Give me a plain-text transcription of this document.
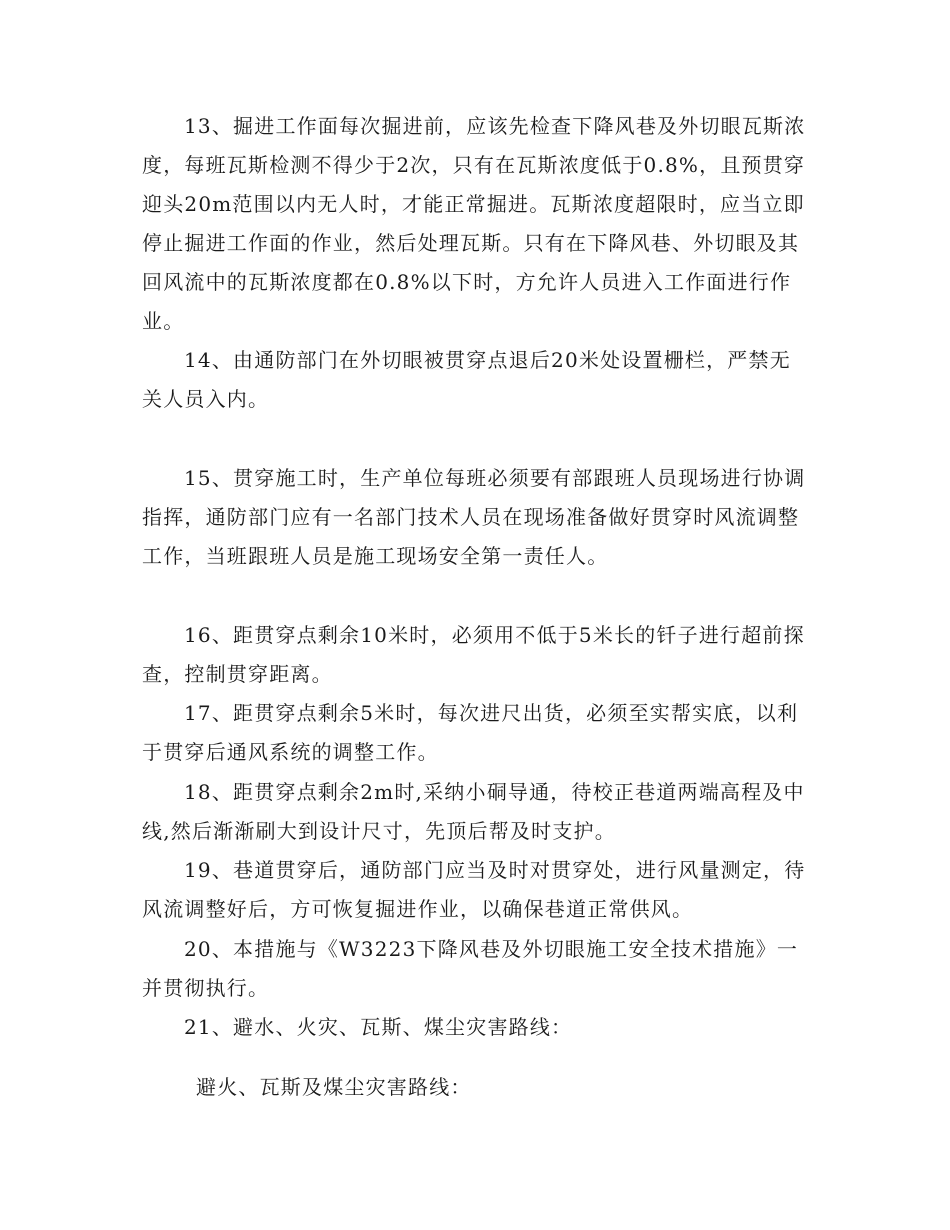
13、掘进工作面每次掘进前，应该先检查下降风巷及外切眼瓦斯浓度，每班瓦斯检测不得少于2次，只有在瓦斯浓度低于0.8%，且预贯穿迎头20m范围以内无人时，才能正常掘进。瓦斯浓度超限时，应当立即停止掘进工作面的作业，然后处理瓦斯。只有在下降风巷、外切眼及其回风流中的瓦斯浓度都在0.8%以下时，方允许人员进入工作面进行作业。

14、由通防部门在外切眼被贯穿点退后20米处设置栅栏，严禁无关人员入内。

15、贯穿施工时，生产单位每班必须要有部跟班人员现场进行协调指挥，通防部门应有一名部门技术人员在现场准备做好贯穿时风流调整工作，当班跟班人员是施工现场安全第一责任人。

16、距贯穿点剩余10米时，必须用不低于5米长的钎子进行超前探查，控制贯穿距离。

17、距贯穿点剩余5米时，每次进尺出货，必须至实帮实底，以利于贯穿后通风系统的调整工作。

18、距贯穿点剩余2m时,采纳小硐导通，待校正巷道两端高程及中线,然后渐渐刷大到设计尺寸，先顶后帮及时支护。

19、巷道贯穿后，通防部门应当及时对贯穿处，进行风量测定，待风流调整好后，方可恢复掘进作业，以确保巷道正常供风。

20、本措施与《W3223下降风巷及外切眼施工安全技术措施》一并贯彻执行。

21、避水、火灾、瓦斯、煤尘灾害路线：

避火、瓦斯及煤尘灾害路线：
